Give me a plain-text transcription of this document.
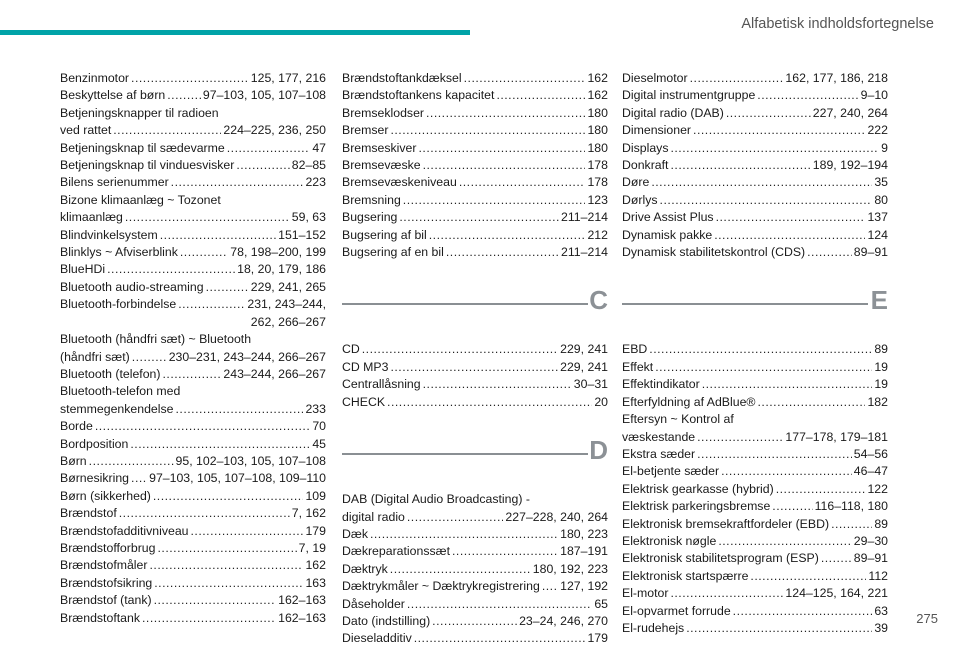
Alfabetisk indholdsfortegnelse
Benzinmotor .....	125, 177, 216
Beskyttelse af børn .....	97–103, 105, 107–108
Betjeningsknapper til radioen
ved rattet .....	224–225, 236, 250
Betjeningsknap til sædevarme .....	47
Betjeningsknap til vinduesvisker .....	82–85
Bilens serienummer .....	223
Bizone klimaanlæg ~ Tozonet
klimaanlæg .....	59, 63
Blindvinkelsystem .....	151–152
Blinklys ~ Afviserblink .....	78, 198–200, 199
BlueHDi .....	18, 20, 179, 186
Bluetooth audio-streaming .....	229, 241, 265
Bluetooth-forbindelse .....	231, 243–244,
262, 266–267
Bluetooth (håndfri sæt) ~ Bluetooth
(håndfri sæt) .....	230–231, 243–244, 266–267
Bluetooth (telefon) .....	243–244, 266–267
Bluetooth-telefon med
stemmegenkendelse .....	233
Borde .....	70
Bordposition .....	45
Børn .....	95, 102–103, 105, 107–108
Børnesikring ..... 97–103, 105, 107–108, 109–110
Børn (sikkerhed) .....	109
Brændstof .....	7, 162
Brændstofadditivniveau .....	179
Brændstofforbrug .....	7, 19
Brændstofmåler .....	162
Brændstofsikring .....	163
Brændstof (tank) .....	162–163
Brændstoftank .....	162–163
Brændstoftankdæksel .....	162
Brændstoftankens kapacitet .....	162
Bremseklodser .....	180
Bremser .....	180
Bremseskiver .....	180
Bremsevæske .....	178
Bremsevæskeniveau .....	178
Bremsning .....	123
Bugsering .....	211–214
Bugsering af bil .....	212
Bugsering af en bil .....	211–214
C
CD .....	229, 241
CD MP3 .....	229, 241
Centrallåsning .....	30–31
CHECK .....	20
D
DAB (Digital Audio Broadcasting) -
digital radio .....	227–228, 240, 264
Dæk .....	180, 223
Dækreparationssæt .....	187–191
Dæktryk .....	180, 192, 223
Dæktrykmåler ~ Dæktrykregistrering ..... 127, 192
Dåseholder .....	65
Dato (indstilling) .....	23–24, 246, 270
Dieseladditiv .....	179
Dieselmotor .....	162, 177, 186, 218
Digital instrumentgruppe .....	9–10
Digital radio (DAB) .....	227, 240, 264
Dimensioner .....	222
Displays .....	9
Donkraft .....	189, 192–194
Døre .....	35
Dørlys .....	80
Drive Assist Plus .....	137
Dynamisk pakke .....	124
Dynamisk stabilitetskontrol (CDS) .....	89–91
E
EBD .....	89
Effekt .....	19
Effektindikator .....	19
Efterfyldning af AdBlue® .....	182
Eftersyn ~ Kontrol af
væskestande .....	177–178, 179–181
Ekstra sæder .....	54–56
El-betjente sæder .....	46–47
Elektrisk gearkasse (hybrid) .....	122
Elektrisk parkeringsbremse .....	116–118, 180
Elektronisk bremsekraftfordeler (EBD) .....	89
Elektronisk nøgle .....	29–30
Elektronisk stabilitetsprogram (ESP) .....	89–91
Elektronisk startspærre .....	112
El-motor .....	124–125, 164, 221
El-opvarmet forrude .....	63
El-rudehejs .....	39
275
